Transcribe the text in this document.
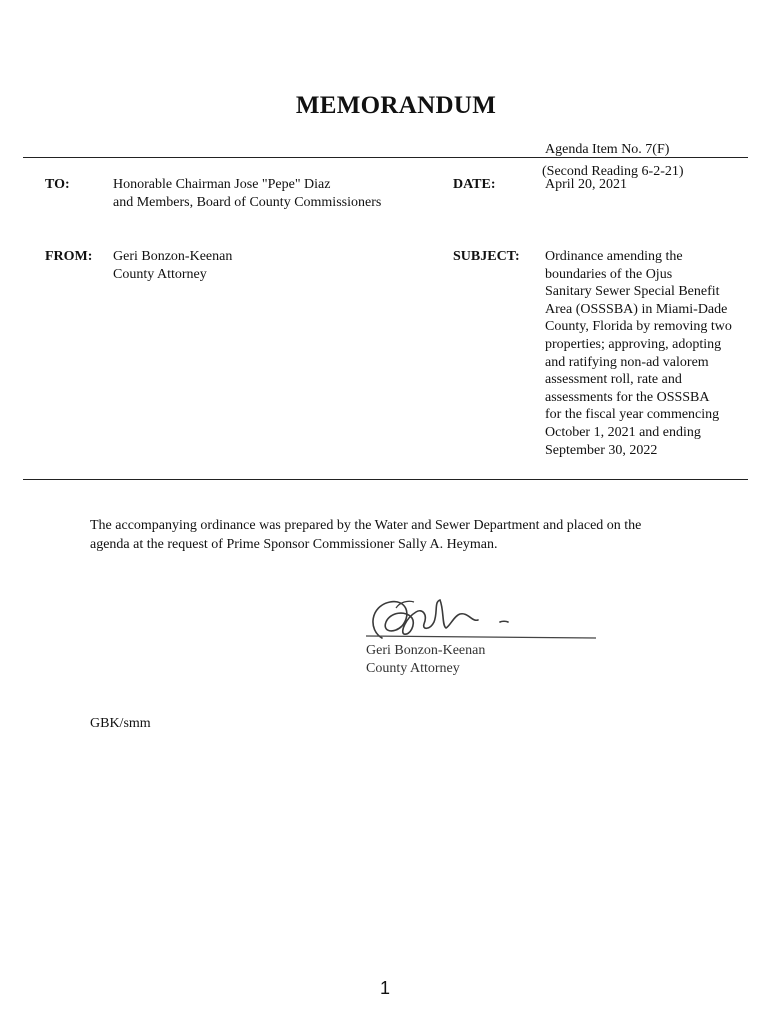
MEMORANDUM
Agenda Item No. 7(F)
(Second Reading 6-2-21)
TO:	Honorable Chairman Jose "Pepe" Diaz
and Members, Board of County Commissioners
DATE:	April 20, 2021
FROM: Geri Bonzon-Keenan
County Attorney
SUBJECT: Ordinance amending the
boundaries of the Ojus
Sanitary Sewer Special Benefit
Area (OSSSBA) in Miami-Dade
County, Florida by removing two
properties; approving, adopting
and ratifying non-ad valorem
assessment roll, rate and
assessments for the OSSSBA
for the fiscal year commencing
October 1, 2021 and ending
September 30, 2022
The accompanying ordinance was prepared by the Water and Sewer Department and placed on the
agenda at the request of Prime Sponsor Commissioner Sally A. Heyman.
Geri Bonzon-Keenan
County Attorney
GBK/smm
1
